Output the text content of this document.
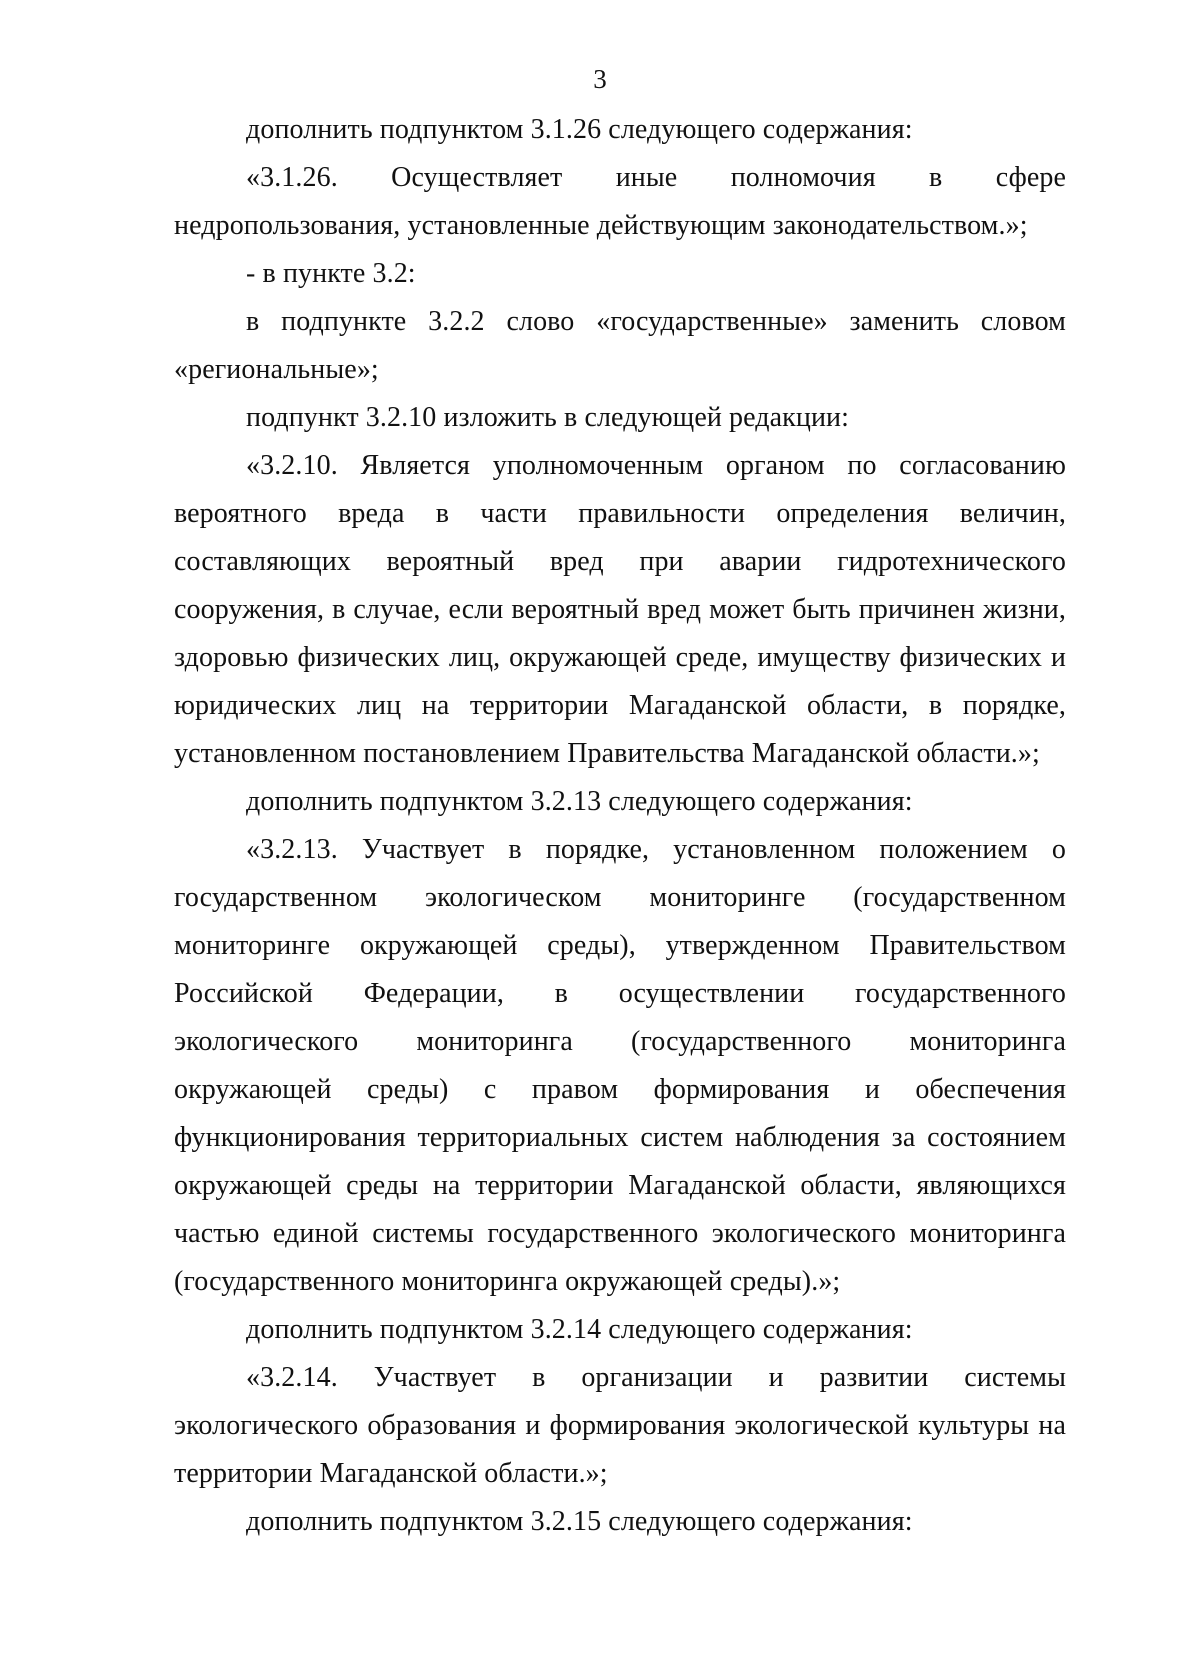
3

дополнить подпунктом 3.1.26 следующего содержания:

«3.1.26. Осуществляет иные полномочия в сфере недропользования, установленные действующим законодательством.»;

- в пункте 3.2:

в подпункте 3.2.2 слово «государственные» заменить словом «региональные»;

подпункт 3.2.10 изложить в следующей редакции:

«3.2.10. Является уполномоченным органом по согласованию вероятного вреда в части правильности определения величин, составляющих вероятный вред при аварии гидротехнического сооружения, в случае, если вероятный вред может быть причинен жизни, здоровью физических лиц, окружающей среде, имуществу физических и юридических лиц на территории Магаданской области, в порядке, установленном постановлением Правительства Магаданской области.»;

дополнить подпунктом 3.2.13 следующего содержания:

«3.2.13. Участвует в порядке, установленном положением о государственном экологическом мониторинге (государственном мониторинге окружающей среды), утвержденном Правительством Российской Федерации, в осуществлении государственного экологического мониторинга (государственного мониторинга окружающей среды) с правом формирования и обеспечения функционирования территориальных систем наблюдения за состоянием окружающей среды на территории Магаданской области, являющихся частью единой системы государственного экологического мониторинга (государственного мониторинга окружающей среды).»;

дополнить подпунктом 3.2.14 следующего содержания:

«3.2.14. Участвует в организации и развитии системы экологического образования и формирования экологической культуры на территории Магаданской области.»;

дополнить подпунктом 3.2.15 следующего содержания:
